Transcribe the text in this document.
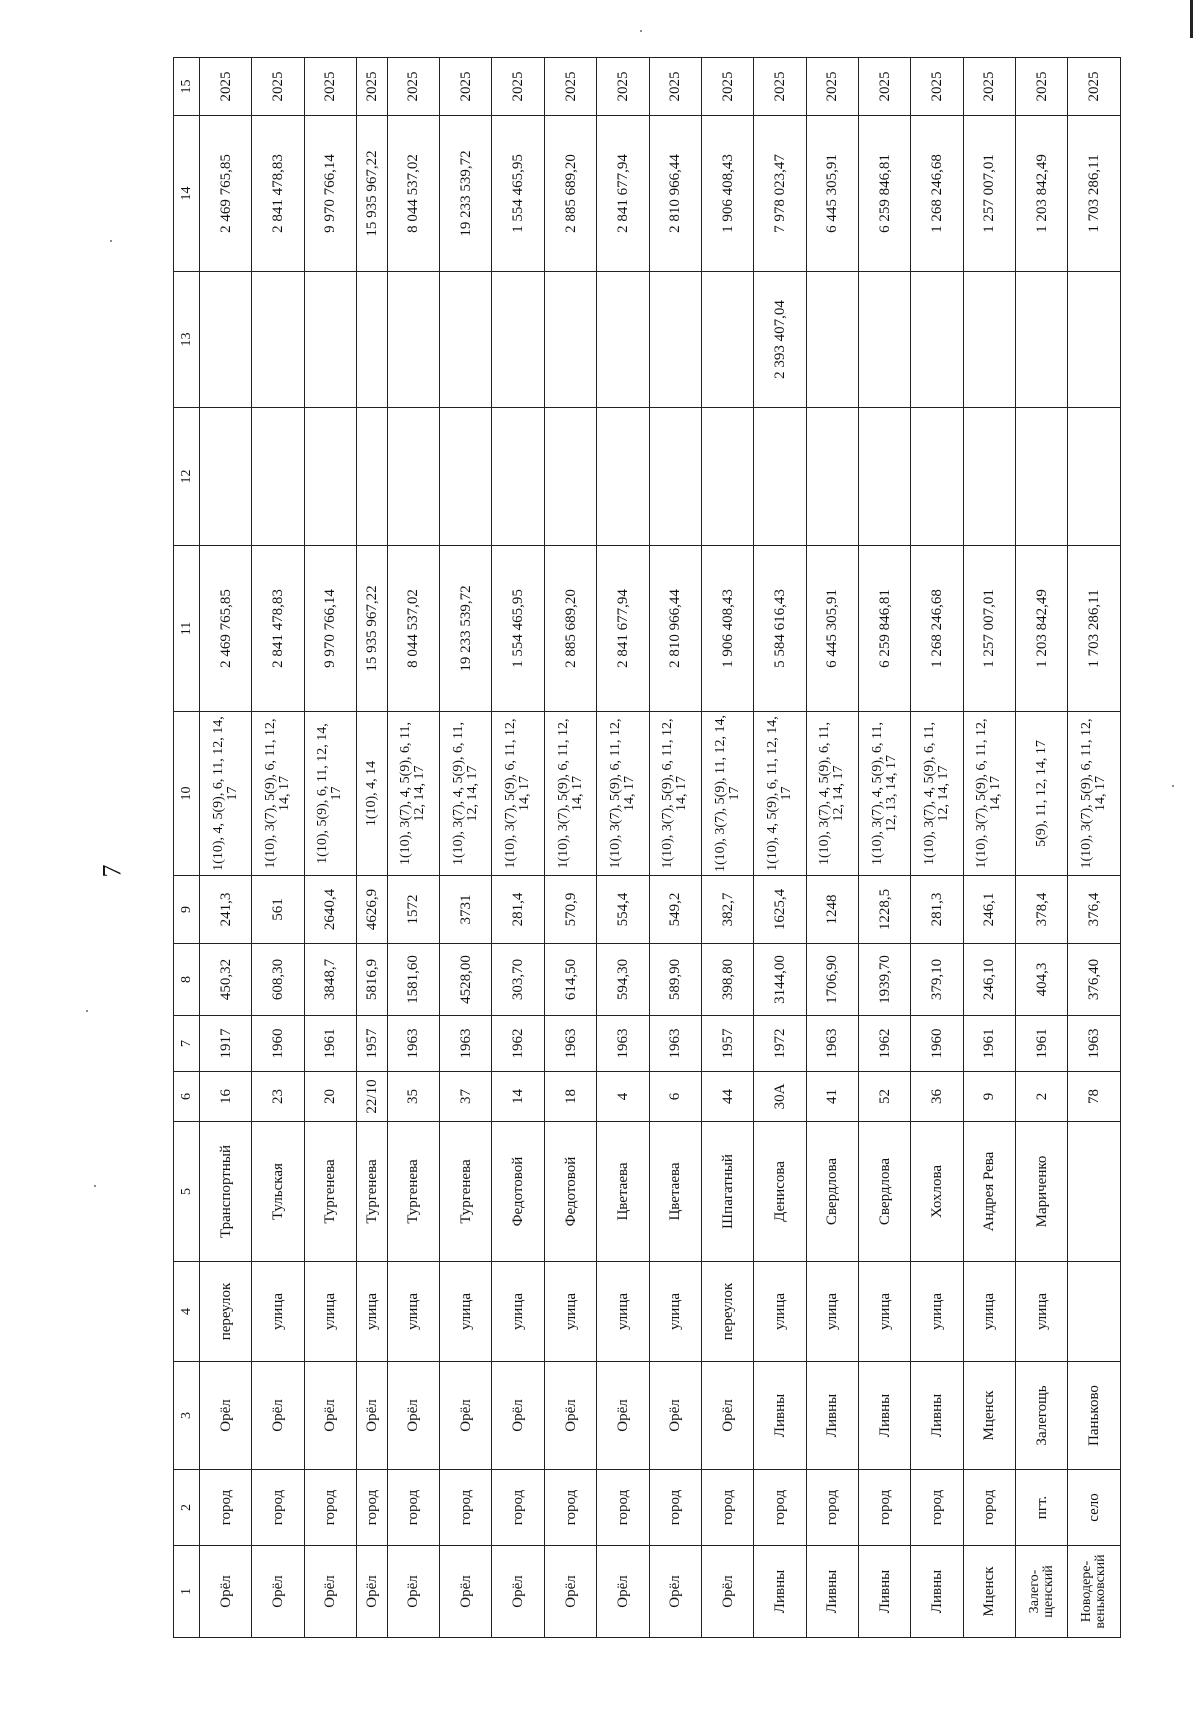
7
1	2	3	4	5	6	7	8	9	10	11	12	13	14	15
Орёл	город	Орёл	переулок	Транспортный	16	1917	450,32	241,3	1(10), 4, 5(9), 6, 11, 12, 14, 17	2 469 765,85			2 469 765,85	2025
Орёл	город	Орёл	улица	Тульская	23	1960	608,30	561	1(10), 3(7), 5(9), 6, 11, 12, 14, 17	2 841 478,83			2 841 478,83	2025
Орёл	город	Орёл	улица	Тургенева	20	1961	3848,7	2640,4	1(10), 5(9), 6, 11, 12, 14, 17	9 970 766,14			9 970 766,14	2025
Орёл	город	Орёл	улица	Тургенева	22/10	1957	5816,9	4626,9	1(10), 4, 14	15 935 967,22			15 935 967,22	2025
Орёл	город	Орёл	улица	Тургенева	35	1963	1581,60	1572	1(10), 3(7), 4, 5(9), 6, 11, 12, 14, 17	8 044 537,02			8 044 537,02	2025
Орёл	город	Орёл	улица	Тургенева	37	1963	4528,00	3731	1(10), 3(7), 4, 5(9), 6, 11, 12, 14, 17	19 233 539,72			19 233 539,72	2025
Орёл	город	Орёл	улица	Федотовой	14	1962	303,70	281,4	1(10), 3(7), 5(9), 6, 11, 12, 14, 17	1 554 465,95			1 554 465,95	2025
Орёл	город	Орёл	улица	Федотовой	18	1963	614,50	570,9	1(10), 3(7), 5(9), 6, 11, 12, 14, 17	2 885 689,20			2 885 689,20	2025
Орёл	город	Орёл	улица	Цветаева	4	1963	594,30	554,4	1(10), 3(7), 5(9), 6, 11, 12, 14, 17	2 841 677,94			2 841 677,94	2025
Орёл	город	Орёл	улица	Цветаева	6	1963	589,90	549,2	1(10), 3(7), 5(9), 6, 11, 12, 14, 17	2 810 966,44			2 810 966,44	2025
Орёл	город	Орёл	переулок	Шпагатный	44	1957	398,80	382,7	1(10), 3(7), 5(9), 11, 12, 14, 17	1 906 408,43			1 906 408,43	2025
Ливны	город	Ливны	улица	Денисова	30А	1972	3144,00	1625,4	1(10), 4, 5(9), 6, 11, 12, 14, 17	5 584 616,43		2 393 407,04	7 978 023,47	2025
Ливны	город	Ливны	улица	Свердлова	41	1963	1706,90	1248	1(10), 3(7), 4, 5(9), 6, 11, 12, 14, 17	6 445 305,91			6 445 305,91	2025
Ливны	город	Ливны	улица	Свердлова	52	1962	1939,70	1228,5	1(10), 3(7), 4, 5(9), 6, 11, 12, 13, 14, 17	6 259 846,81			6 259 846,81	2025
Ливны	город	Ливны	улица	Хохлова	36	1960	379,10	281,3	1(10), 3(7), 4, 5(9), 6, 11, 12, 14, 17	1 268 246,68			1 268 246,68	2025
Мценск	город	Мценск	улица	Андрея Рева	9	1961	246,10	246,1	1(10), 3(7), 5(9), 6, 11, 12, 14, 17	1 257 007,01			1 257 007,01	2025
Залего-щенский	пгт.	Залегощь	улица	Мариченко	2	1961	404,3	378,4	5(9), 11, 12, 14, 17	1 203 842,49			1 203 842,49	2025
Новодере-веньковский	село	Паньково			78	1963	376,40	376,4	1(10), 3(7), 5(9), 6, 11, 12, 14, 17	1 703 286,11			1 703 286,11	2025
